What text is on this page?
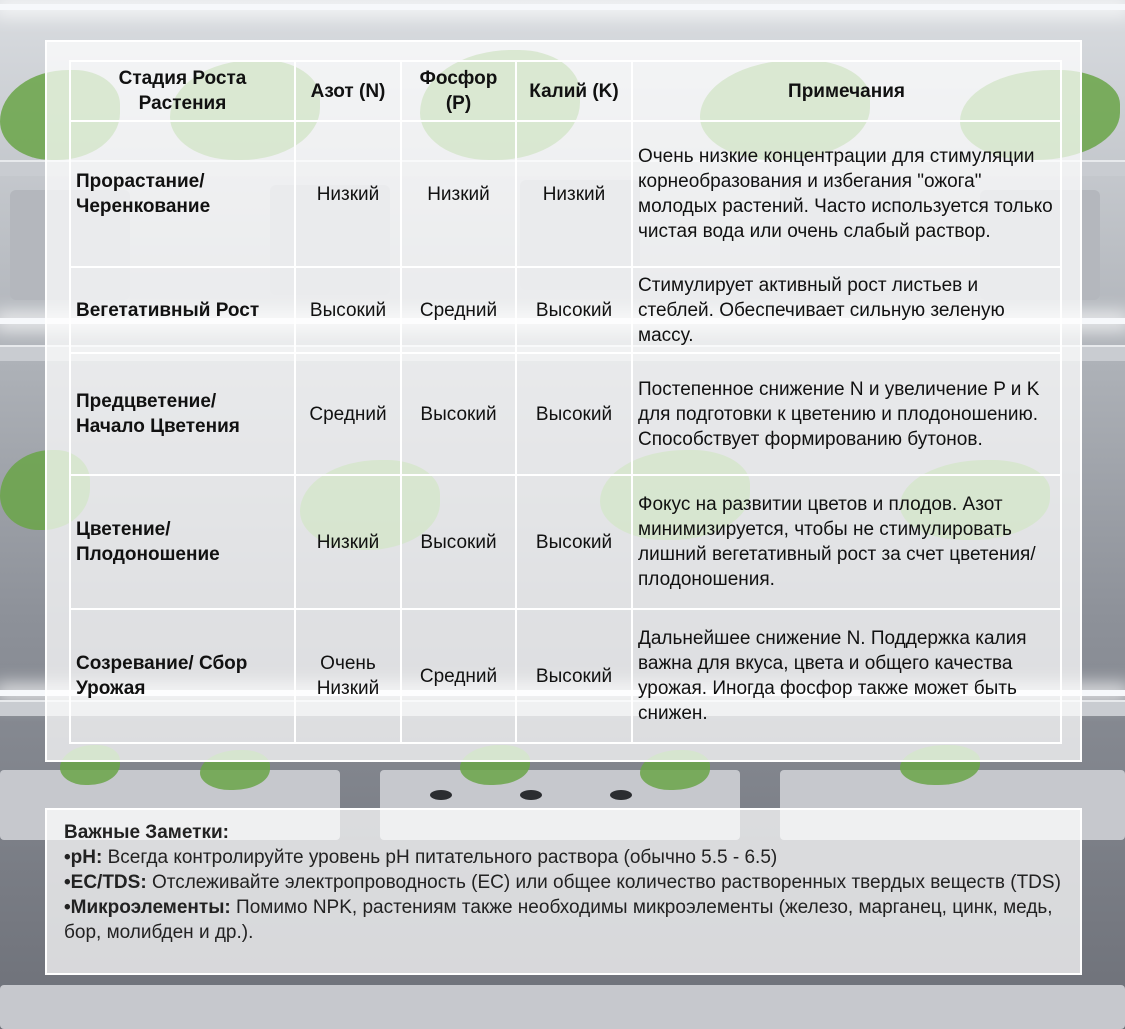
Стадия Роста Растения	Азот (N)	Фосфор (P)	Калий (K)	Примечания
Прорастание/ Черенкование	Низкий	Низкий	Низкий	Очень низкие концентрации для стимуляции корнеобразования и избегания "ожога" молодых растений. Часто используется только чистая вода или очень слабый раствор.
Вегетативный Рост	Высокий	Средний	Высокий	Стимулирует активный рост листьев и стеблей. Обеспечивает сильную зеленую массу.
Предцветение/ Начало Цветения	Средний	Высокий	Высокий	Постепенное снижение N и увеличение P и K для подготовки к цветению и плодоношению. Способствует формированию бутонов.
Цветение/ Плодоношение	Низкий	Высокий	Высокий	Фокус на развитии цветов и плодов. Азот минимизируется, чтобы не стимулировать лишний вегетативный рост за счет цветения/плодоношения.
Созревание/ Сбор Урожая	Очень Низкий	Средний	Высокий	Дальнейшее снижение N. Поддержка калия важна для вкуса, цвета и общего качества урожая. Иногда фосфор также может быть снижен.
Важные Заметки:
•pH: Всегда контролируйте уровень pH питательного раствора (обычно 5.5 - 6.5)
•EC/TDS: Отслеживайте электропроводность (EC) или общее количество растворенных твердых веществ (TDS)
•Микроэлементы: Помимо NPK, растениям также необходимы микроэлементы (железо, марганец, цинк, медь, бор, молибден и др.).
